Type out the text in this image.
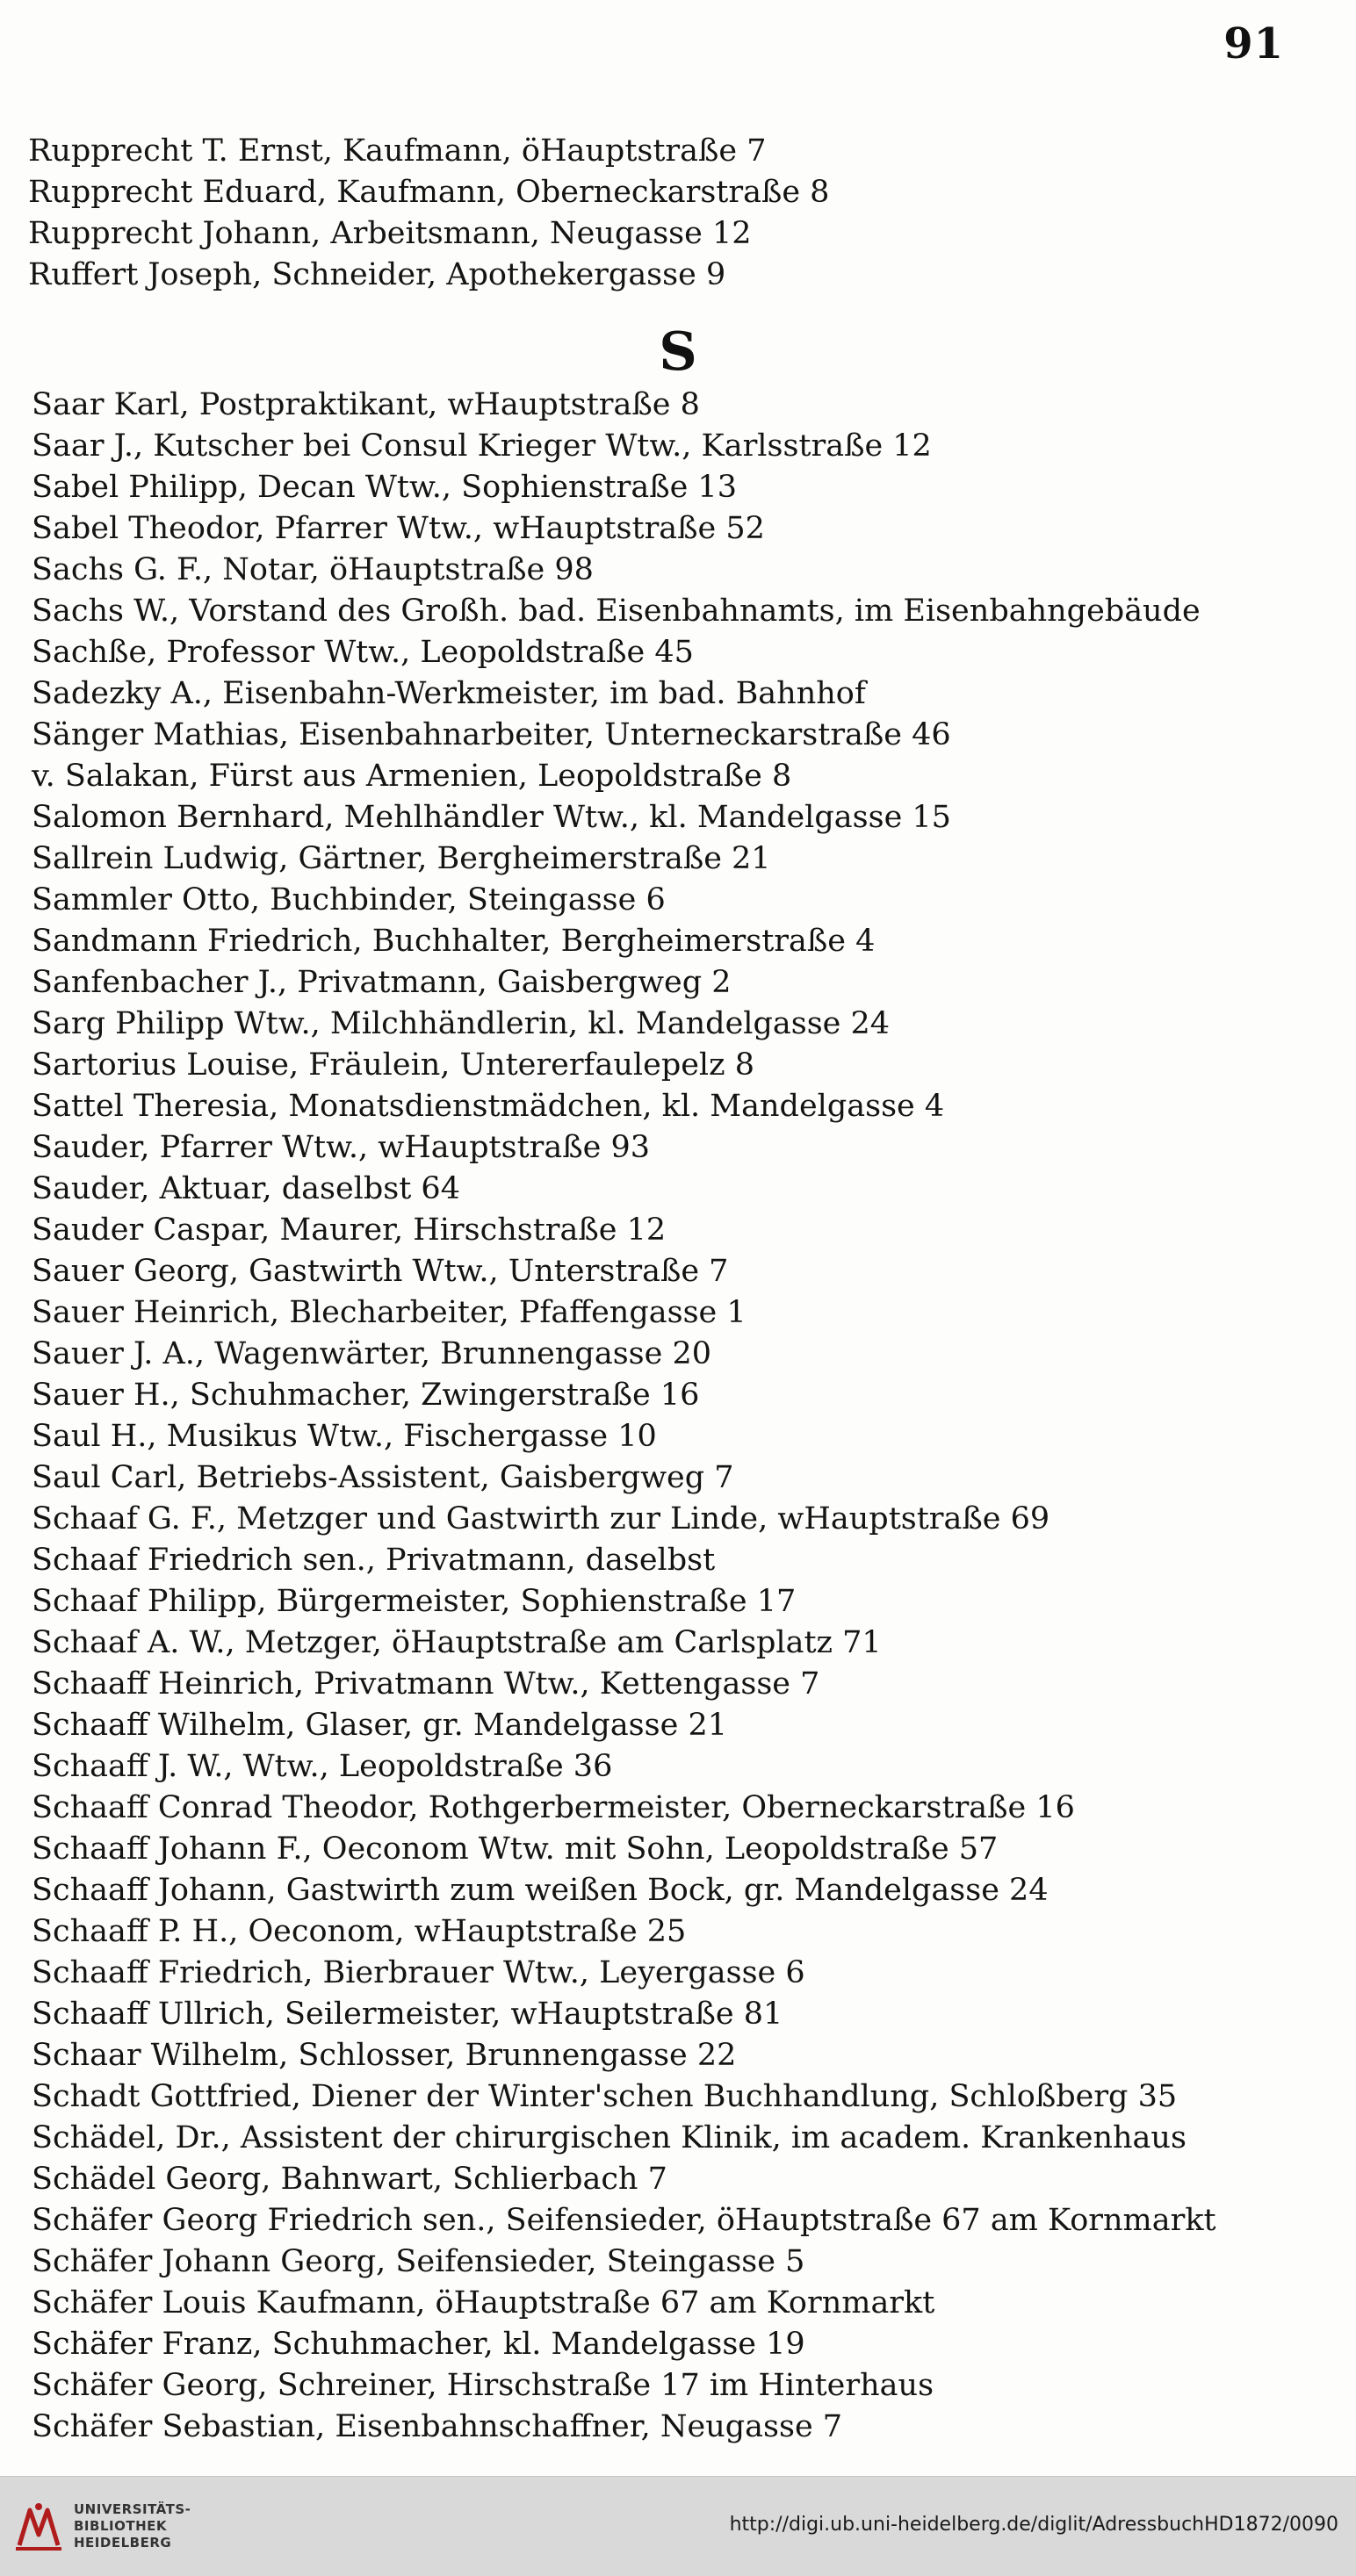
91
Rupprecht T. Ernst, Kaufmann, öHauptstraße 7
Rupprecht Eduard, Kaufmann, Oberneckarstraße 8
Rupprecht Johann, Arbeitsmann, Neugasse 12
Ruffert Joseph, Schneider, Apothekergasse 9
S
Saar Karl, Postpraktikant, wHauptstraße 8
Saar J., Kutscher bei Consul Krieger Wtw., Karlsstraße 12
Sabel Philipp, Decan Wtw., Sophienstraße 13
Sabel Theodor, Pfarrer Wtw., wHauptstraße 52
Sachs G. F., Notar, öHauptstraße 98
Sachs W., Vorstand des Großh. bad. Eisenbahnamts, im Eisenbahngebäude
Sachße, Professor Wtw., Leopoldstraße 45
Sadezky A., Eisenbahn-Werkmeister, im bad. Bahnhof
Sänger Mathias, Eisenbahnarbeiter, Unterneckarstraße 46
v. Salakan, Fürst aus Armenien, Leopoldstraße 8
Salomon Bernhard, Mehlhändler Wtw., kl. Mandelgasse 15
Sallrein Ludwig, Gärtner, Bergheimerstraße 21
Sammler Otto, Buchbinder, Steingasse 6
Sandmann Friedrich, Buchhalter, Bergheimerstraße 4
Sanfenbacher J., Privatmann, Gaisbergweg 2
Sarg Philipp Wtw., Milchhändlerin, kl. Mandelgasse 24
Sartorius Louise, Fräulein, Untererfaulepelz 8
Sattel Theresia, Monatsdienstmädchen, kl. Mandelgasse 4
Sauder, Pfarrer Wtw., wHauptstraße 93
Sauder, Aktuar, daselbst 64
Sauder Caspar, Maurer, Hirschstraße 12
Sauer Georg, Gastwirth Wtw., Unterstraße 7
Sauer Heinrich, Blecharbeiter, Pfaffengasse 1
Sauer J. A., Wagenwärter, Brunnengasse 20
Sauer H., Schuhmacher, Zwingerstraße 16
Saul H., Musikus Wtw., Fischergasse 10
Saul Carl, Betriebs-Assistent, Gaisbergweg 7
Schaaf G. F., Metzger und Gastwirth zur Linde, wHauptstraße 69
Schaaf Friedrich sen., Privatmann, daselbst
Schaaf Philipp, Bürgermeister, Sophienstraße 17
Schaaf A. W., Metzger, öHauptstraße am Carlsplatz 71
Schaaff Heinrich, Privatmann Wtw., Kettengasse 7
Schaaff Wilhelm, Glaser, gr. Mandelgasse 21
Schaaff J. W., Wtw., Leopoldstraße 36
Schaaff Conrad Theodor, Rothgerbermeister, Oberneckarstraße 16
Schaaff Johann F., Oeconom Wtw. mit Sohn, Leopoldstraße 57
Schaaff Johann, Gastwirth zum weißen Bock, gr. Mandelgasse 24
Schaaff P. H., Oeconom, wHauptstraße 25
Schaaff Friedrich, Bierbrauer Wtw., Leyergasse 6
Schaaff Ullrich, Seilermeister, wHauptstraße 81
Schaar Wilhelm, Schlosser, Brunnengasse 22
Schadt Gottfried, Diener der Winter'schen Buchhandlung, Schloßberg 35
Schädel, Dr., Assistent der chirurgischen Klinik, im academ. Krankenhaus
Schädel Georg, Bahnwart, Schlierbach 7
Schäfer Georg Friedrich sen., Seifensieder, öHauptstraße 67 am Kornmarkt
Schäfer Johann Georg, Seifensieder, Steingasse 5
Schäfer Louis Kaufmann, öHauptstraße 67 am Kornmarkt
Schäfer Franz, Schuhmacher, kl. Mandelgasse 19
Schäfer Georg, Schreiner, Hirschstraße 17 im Hinterhaus
Schäfer Sebastian, Eisenbahnschaffner, Neugasse 7
UNIVERSITÄTS-
BIBLIOTHEK
HEIDELBERG
http://digi.ub.uni-heidelberg.de/diglit/AdressbuchHD1872/0090
